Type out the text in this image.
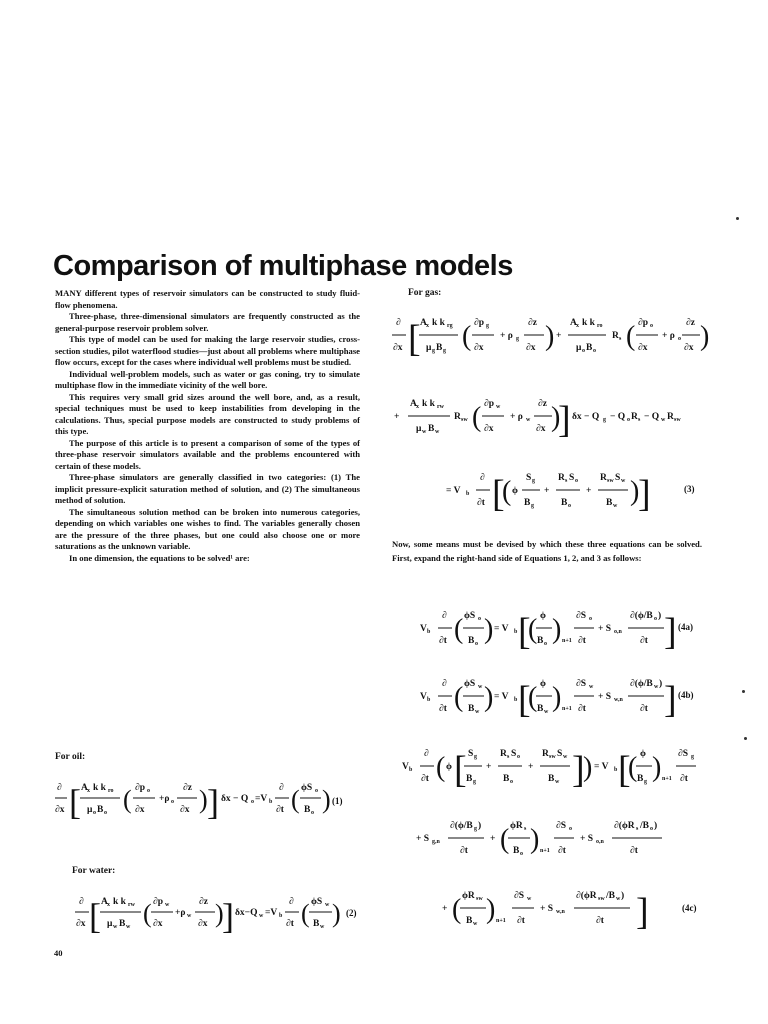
Comparison of multiphase models

MANY different types of reservoir simulators can be constructed to study fluid-flow phenomena.

Three-phase, three-dimensional simulators are frequently constructed as the general-purpose reservoir problem solver.

This type of model can be used for making the large reservoir studies, cross-section studies, pilot waterflood studies—just about all problems where multiphase flow occurs, except for the cases where individual well problems must be studied.

Individual well-problem models, such as water or gas coning, try to simulate multiphase flow in the immediate vicinity of the well bore.

This requires very small grid sizes around the well bore, and, as a result, special techniques must be used to keep instabilities from developing in the calculations. Thus, special purpose models are constructed to study problems of this type.

The purpose of this article is to present a comparison of some of the types of three-phase reservoir simulators available and the problems encountered with certain of these models.

Three-phase simulators are generally classified in two categories: (1) The implicit pressure-explicit saturation method of solution, and (2) The simultaneous method of solution.

The simultaneous solution method can be broken into numerous categories, depending on which variables one wishes to find. The variables generally chosen are the pressure of the three phases, but one could also choose one or more saturations as the unknown variable.

In one dimension, the equations to be solved¹ are:

For oil:
∂
∂x [ A x k k ro
μ o B o ( ∂p o
∂x
+ρ o
∂z
∂x ) ] δx − Q o =V b
∂
∂t ( ϕS o
B o ) (1)
For water:
∂
∂x [ A x k k rw
μ w B w ( ∂p w
∂x
+ρ w
∂z
∂x )
] δx−Q w =V b
∂
∂t ( ϕS w
B w ) (2)
40
For gas:
∂
∂x [ A x k k rg
μ g B g ( ∂p g
∂x
+ ρ g
∂z
∂x ) +
A x k k ro
μ o B o
R s ( ∂p o
∂x
+ ρ o
∂z
∂x )
+
A x k k rw
μ w B w
R sw ( ∂p w
∂x
+ ρ w
∂z
∂x )
] δx − Q g − Q o R s − Q w R sw
= V b
∂
∂t [
( ϕ
S g
B g
+
R s S o
B o
+
R sw S w
B w )
]	(3)
Now, some means must be devised by which these three equations can be solved. First, expand the right-hand side of Equations 1, 2, and 3 as follows:
V b
∂
∂t ( ϕS o
B o ) = V b [
( ϕ
B o ) n+1
∂S o
∂t
+ S o,n
∂(ϕ/B o )
∂t ] (4a)
V b
∂
∂t ( ϕS w
B w ) = V b [
( ϕ
B w ) n+1
∂S w
∂t
+ S w,n
∂(ϕ/B w )
∂t ] (4b)
V b
∂
∂t ( ϕ [ S g
B g
+
R s S o
B o
+
R sw S w
B w ]
) = V b [
( ϕ
B g ) n+1
∂S g
∂t
+ S g,n
∂(ϕ/B g )
∂t
+ ( ϕR s
B o ) n+1
∂S o
∂t
+ S o,n
∂(ϕR s /B o )
∂t
+ ( ϕR sw
B w ) n+1
∂S w
∂t
+ S w,n
∂(ϕR sw /B w )
∂t ]	(4c)
